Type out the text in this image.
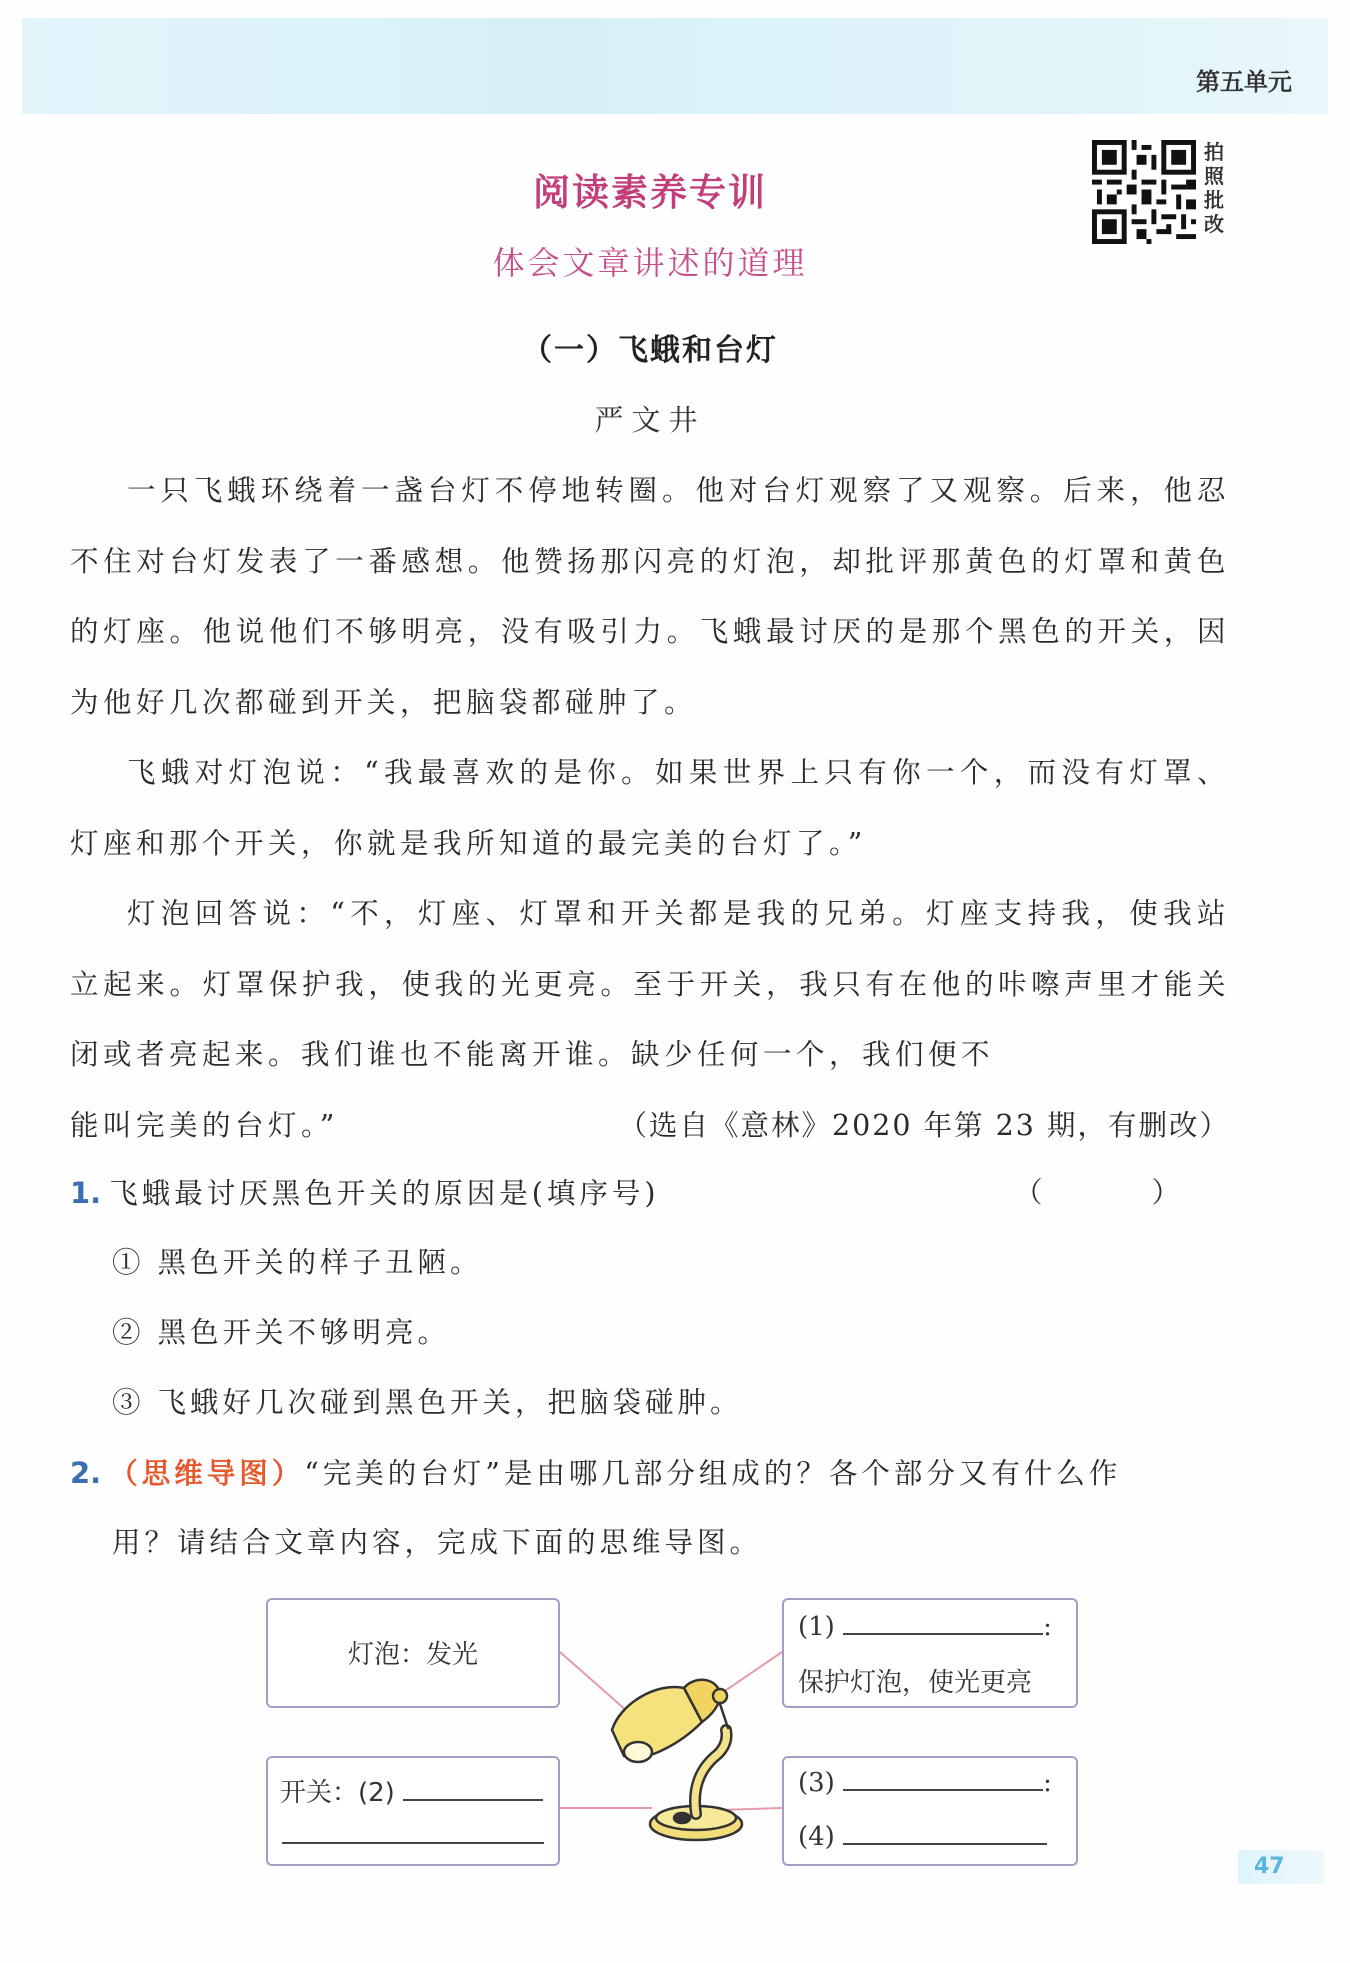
第五单元
拍
照
批
改
阅读素养专训
体会文章讲述的道理
（一）飞蛾和台灯
严文井

一只飞蛾环绕着一盏台灯不停地转圈。他对台灯观察了又观察。后来，他忍不住对台灯发表了一番感想。他赞扬那闪亮的灯泡，却批评那黄色的灯罩和黄色的灯座。他说他们不够明亮，没有吸引力。飞蛾最讨厌的是那个黑色的开关，因为他好几次都碰到开关，把脑袋都碰肿了。

飞蛾对灯泡说：“我最喜欢的是你。如果世界上只有你一个，而没有灯罩、灯座和那个开关，你就是我所知道的最完美的台灯了。”

灯泡回答说：“不，灯座、灯罩和开关都是我的兄弟。灯座支持我，使我站立起来。灯罩保护我，使我的光更亮。至于开关，我只有在他的咔嚓声里才能关闭或者亮起来。我们谁也不能离开谁。缺少任何一个，我们便不

能叫完美的台灯。”	（选自《意林》2020 年第 23 期，有删改）
1. 飞蛾最讨厌黑色开关的原因是(填序号)	（ ）
① 黑色开关的样子丑陋。
② 黑色开关不够明亮。
③ 飞蛾好几次碰到黑色开关，把脑袋碰肿。
2. （思维导图）“完美的台灯”是由哪几部分组成的？各个部分又有什么作
用？请结合文章内容，完成下面的思维导图。
灯泡：发光
(1)	:
保护灯泡，使光更亮
开关：(2)	(3)	:
(4)
47
